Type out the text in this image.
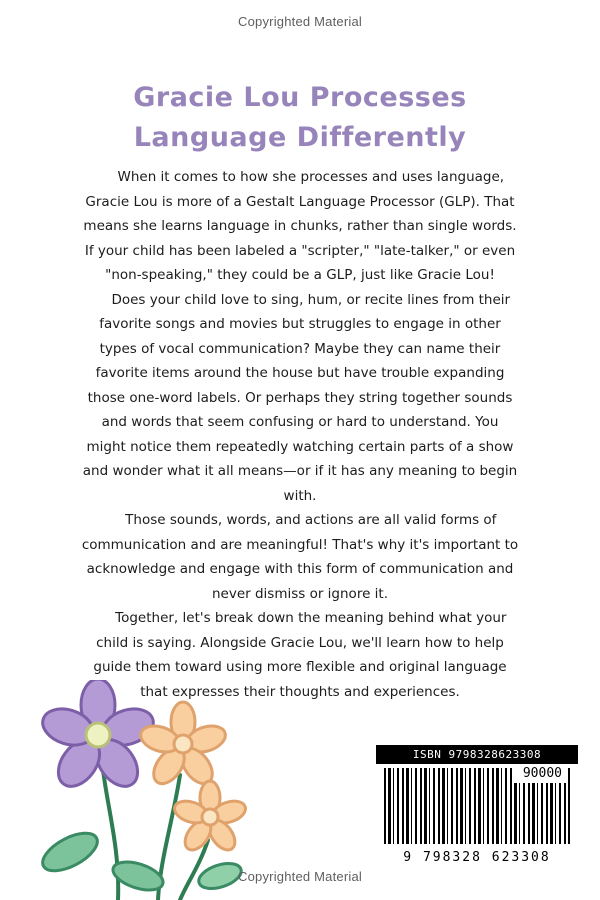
Copyrighted Material
Gracie Lou Processes
Language Differently

When it comes to how she processes and uses language, Gracie Lou is more of a Gestalt Language Processor (GLP). That means she learns language in chunks, rather than single words. If your child has been labeled a "scripter," "late-talker," or even "non-speaking," they could be a GLP, just like Gracie Lou!

Does your child love to sing, hum, or recite lines from their favorite songs and movies but struggles to engage in other types of vocal communication? Maybe they can name their favorite items around the house but have trouble expanding those one-word labels. Or perhaps they string together sounds and words that seem confusing or hard to understand. You might notice them repeatedly watching certain parts of a show and wonder what it all means—or if it has any meaning to begin with.

Those sounds, words, and actions are all valid forms of communication and are meaningful! That's why it's important to acknowledge and engage with this form of communication and never dismiss or ignore it.

Together, let's break down the meaning behind what your child is saying. Alongside Gracie Lou, we'll learn how to help guide them toward using more flexible and original language that expresses their thoughts and experiences.

ISBN 9798328623308
90000
9 798328 623308
Copyrighted Material
